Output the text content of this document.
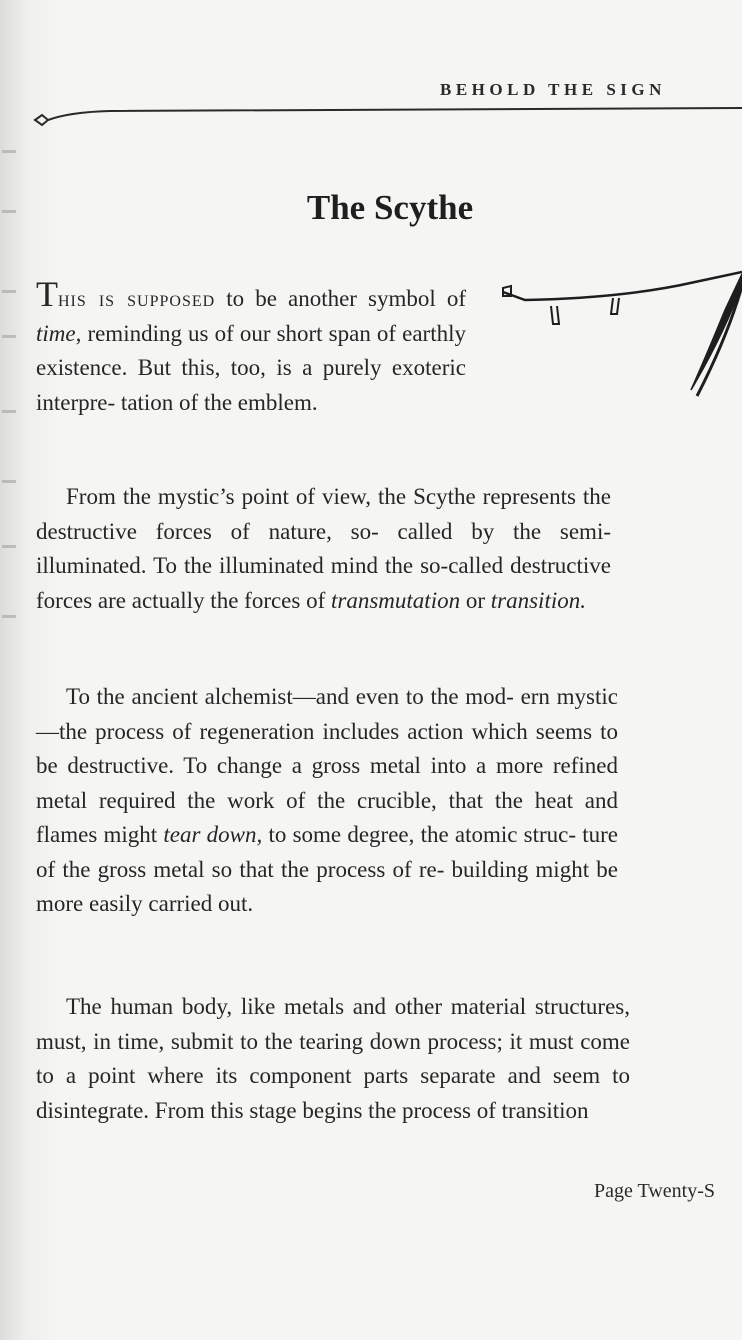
BEHOLD THE SIGN
The Scythe

This is supposed to be another symbol of time, reminding us of our short span of earthly existence. But this, too, is a purely exoteric interpre- tation of the emblem.

From the mystic’s point of view, the Scythe represents the destructive forces of nature, so- called by the semi-illuminated. To the illuminated mind the so-called destructive forces are actually the forces of transmutation or transition.

To the ancient alchemist—and even to the mod- ern mystic—the process of regeneration includes action which seems to be destructive. To change a gross metal into a more refined metal required the work of the crucible, that the heat and flames might tear down, to some degree, the atomic struc- ture of the gross metal so that the process of re- building might be more easily carried out.

The human body, like metals and other material structures, must, in time, submit to the tearing down process; it must come to a point where its component parts separate and seem to disintegrate. From this stage begins the process of transition

Page Twenty-S
